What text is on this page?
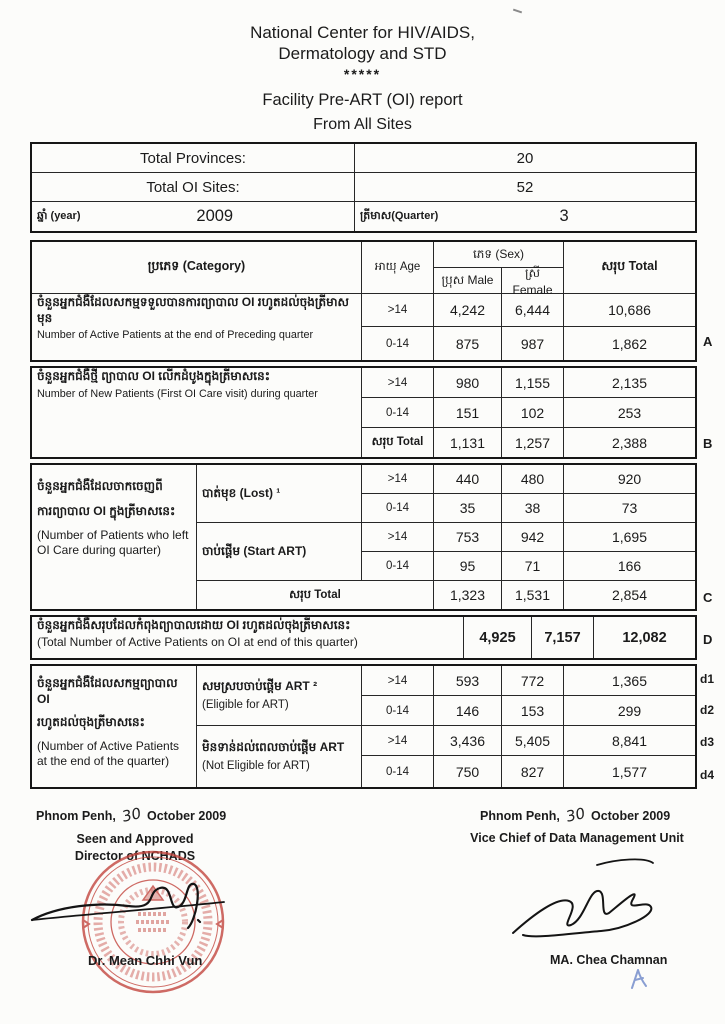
National Center for HIV/AIDS,
Dermatology and STD
*****
Facility Pre-ART (OI) report
From All Sites
Total Provinces:	20
Total OI Sites:	52
ឆ្នាំ (year)	2009	ត្រីមាស(Quarter)	3
ប្រភេទ (Category)	អាយុ Age
ភេទ (Sex)
សរុប Total
ប្រុស Male	ស្រី Female
ចំនួនអ្នកជំងឺដែលសកម្មទទួលបានការព្យាបាល OI រហូតដល់ចុងត្រីមាសមុន
Number of Active Patients at the end of Preceding quarter
>14	4,242	6,444	10,686
0-14	875	987	1,862
ចំនួនអ្នកជំងឺថ្មី ព្យាបាល OI លើកដំបូងក្នុងត្រីមាសនេះ
Number of New Patients (First OI Care visit) during quarter
>14	980	1,155	2,135
0-14	151	102	253
សរុប Total	1,131	1,257	2,388
ចំនួនអ្នកជំងឺដែលចាកចេញពី
ការព្យាបាល OI ក្នុងត្រីមាសនេះ
(Number of Patients who left OI Care during quarter)
បាត់មុខ (Lost) ¹
>14	440	480	920
0-14	35	38	73
ចាប់ផ្តើម (Start ART)
>14	753	942	1,695
0-14	95	71	166
សរុប Total	1,323	1,531	2,854
ចំនួនអ្នកជំងឺសរុបដែលកំពុងព្យាបាលដោយ OI រហូតដល់ចុងត្រីមាសនេះ
(Total Number of Active Patients on OI at end of this quarter)	4,925	7,157	12,082
ចំនួនអ្នកជំងឺដែលសកម្មព្យាបាល OI
រហូតដល់ចុងត្រីមាសនេះ
(Number of Active Patients at the end of the quarter)
សមស្របចាប់ផ្តើម ART ²
(Eligible for ART)
>14	593	772	1,365
0-14	146	153	299
មិនទាន់ដល់ពេលចាប់ផ្តើម ART
(Not Eligible for ART)
>14	3,436	5,405	8,841
0-14	750	827	1,577
A
B
C
D
d1
d2
d3
d4
Phnom Penh, 30 October 2009
Seen and Approved
Director of NCHADS
Dr. Mean Chhi Vun
Phnom Penh, 30 October 2009
Vice Chief of Data Management Unit
MA. Chea Chamnan
